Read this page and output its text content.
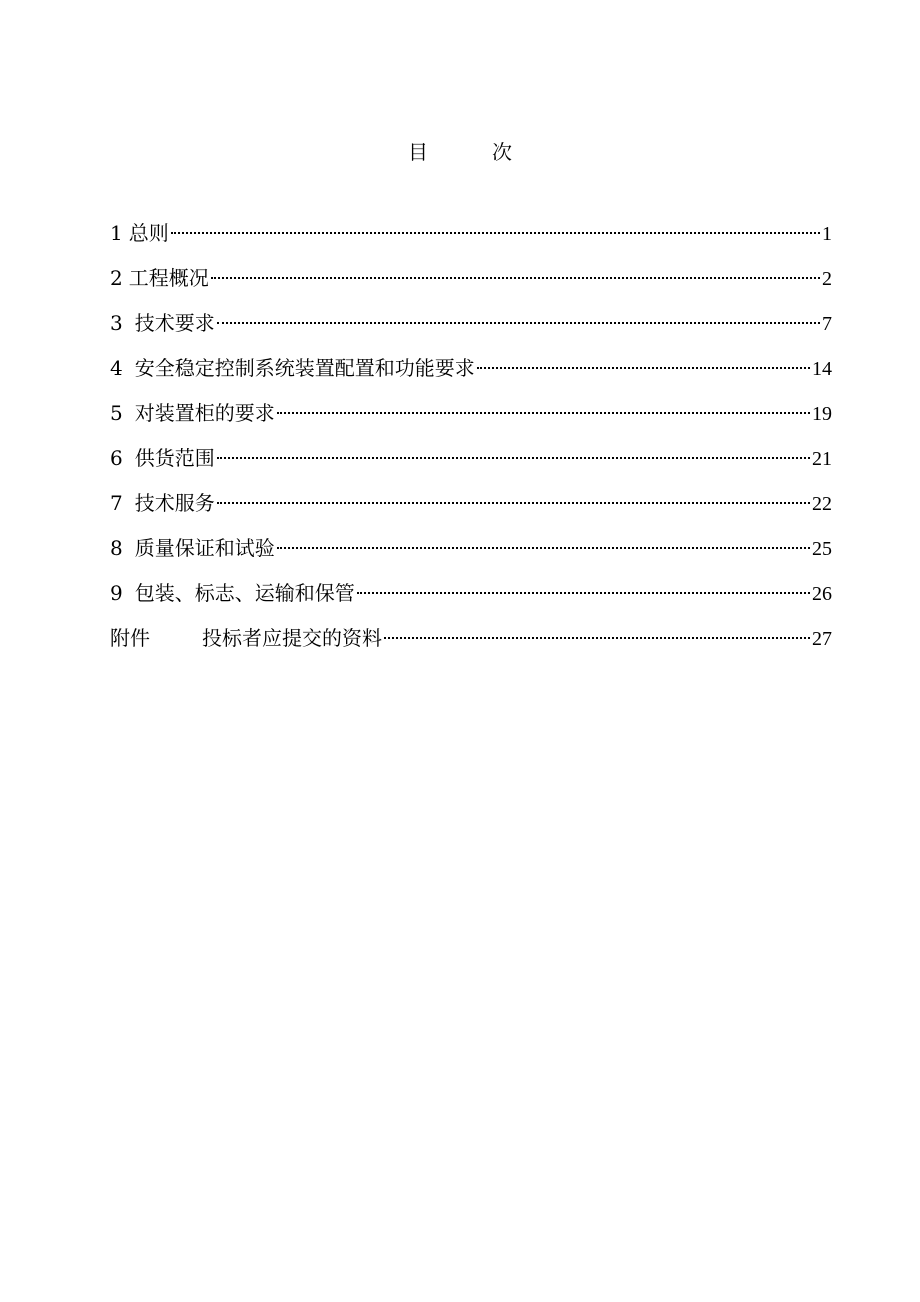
目	次
1 总则	1
2 工程概况	2
3 技术要求	7
4 安全稳定控制系统装置配置和功能要求	14
5 对装置柜的要求	19
6 供货范围	21
7 技术服务	22
8 质量保证和试验	25
9 包装、标志、运输和保管	26
附件	投标者应提交的资料	27
